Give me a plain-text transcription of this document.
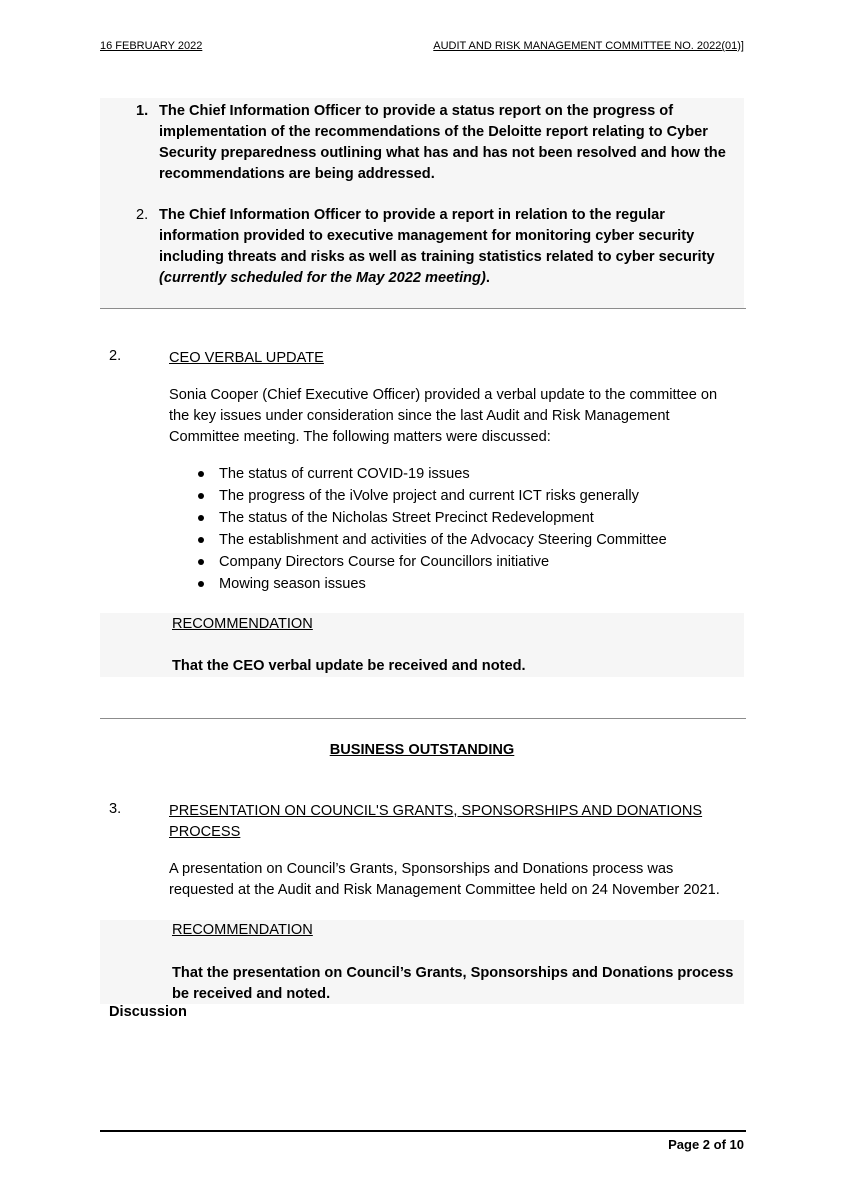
16 FEBRUARY 2022	AUDIT AND RISK MANAGEMENT COMMITTEE NO. 2022(01)]
1. The Chief Information Officer to provide a status report on the progress of implementation of the recommendations of the Deloitte report relating to Cyber Security preparedness outlining what has and has not been resolved and how the recommendations are being addressed.
2. The Chief Information Officer to provide a report in relation to the regular information provided to executive management for monitoring cyber security including threats and risks as well as training statistics related to cyber security (currently scheduled for the May 2022 meeting).
2.	CEO VERBAL UPDATE

Sonia Cooper (Chief Executive Officer) provided a verbal update to the committee on the key issues under consideration since the last Audit and Risk Management Committee meeting. The following matters were discussed:

The status of current COVID-19 issues
The progress of the iVolve project and current ICT risks generally
The status of the Nicholas Street Precinct Redevelopment
The establishment and activities of the Advocacy Steering Committee
Company Directors Course for Councillors initiative
Mowing season issues
RECOMMENDATION

That the CEO verbal update be received and noted.

BUSINESS OUTSTANDING
3.	PRESENTATION ON COUNCIL'S GRANTS, SPONSORSHIPS AND DONATIONS
PROCESS

A presentation on Council’s Grants, Sponsorships and Donations process was requested at the Audit and Risk Management Committee held on 24 November 2021.

RECOMMENDATION

That the presentation on Council’s Grants, Sponsorships and Donations process be received and noted.

Discussion
Page 2 of 10
